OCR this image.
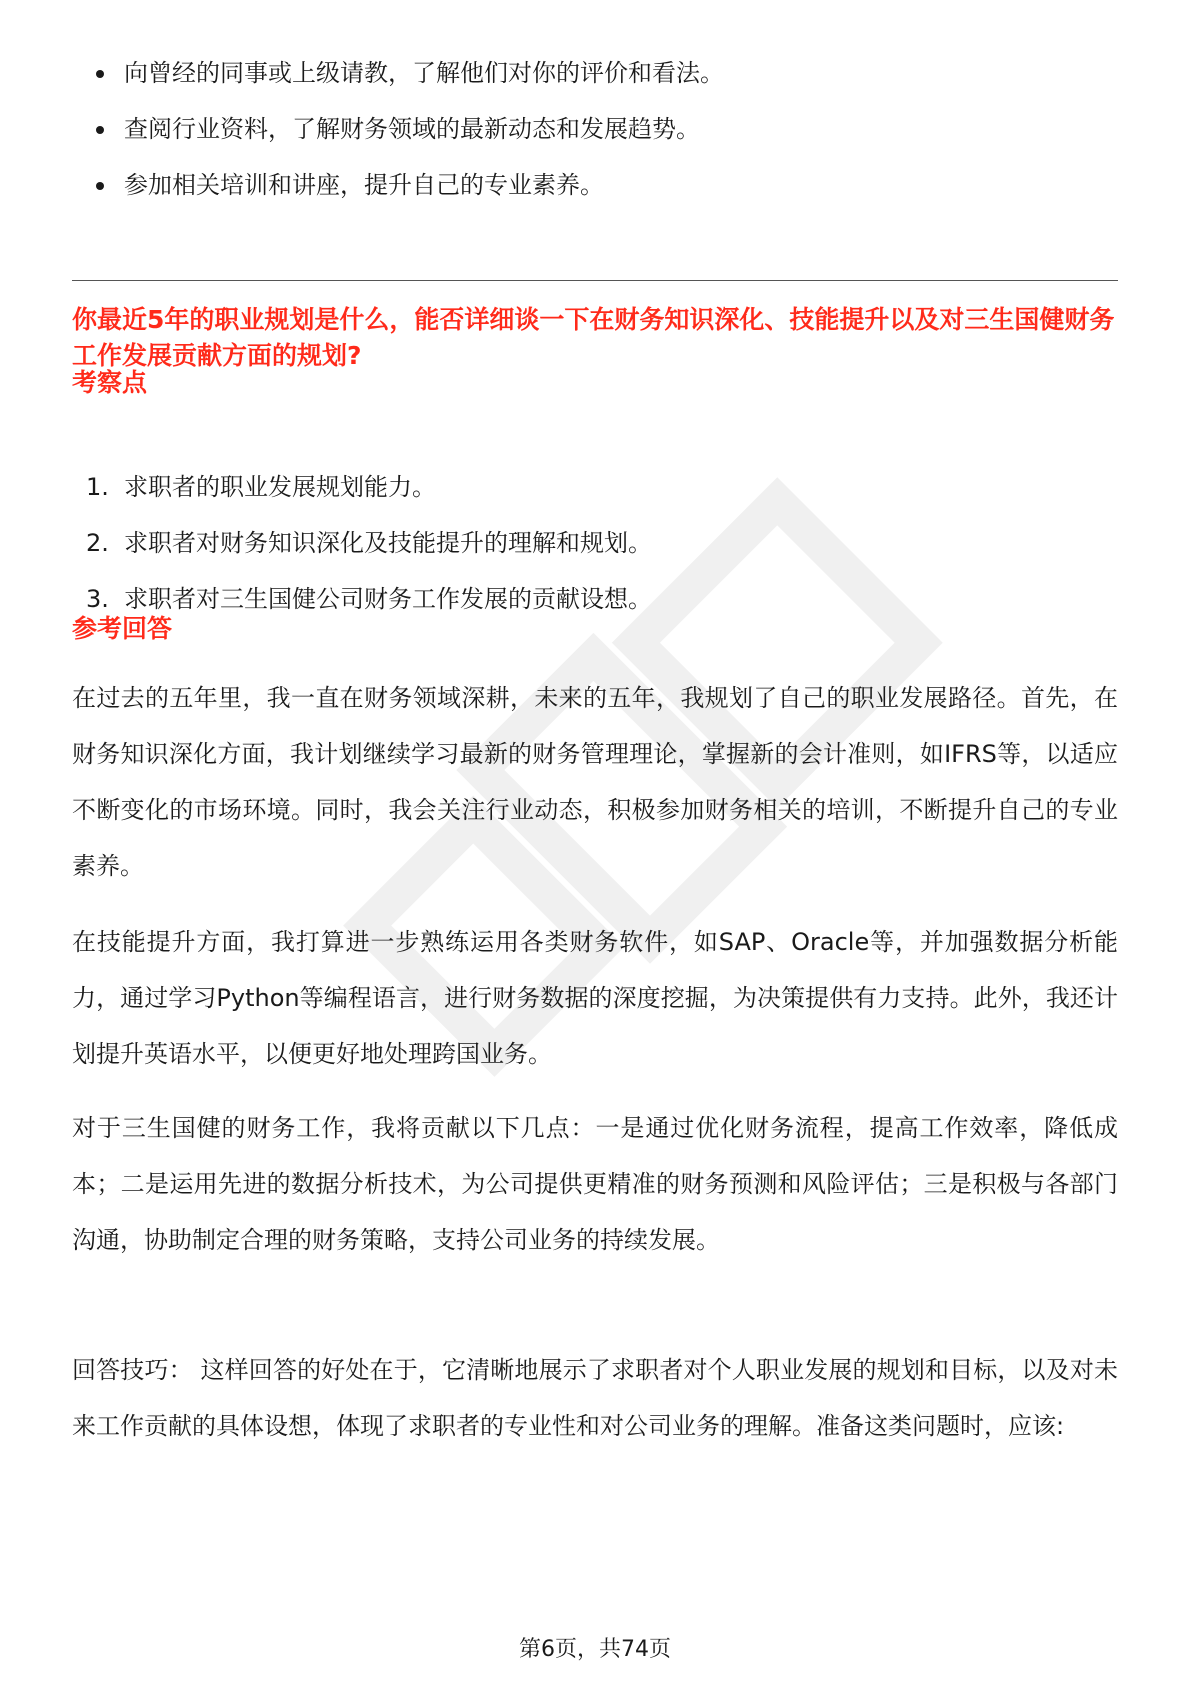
向曾经的同事或上级请教，了解他们对你的评价和看法。
查阅行业资料，了解财务领域的最新动态和发展趋势。
参加相关培训和讲座，提升自己的专业素养。
你最近5年的职业规划是什么，能否详细谈一下在财务知识深化、技能提升以及对三生国健财务工作发展贡献方面的规划?
考察点
1. 求职者的职业发展规划能力。
2. 求职者对财务知识深化及技能提升的理解和规划。
3. 求职者对三生国健公司财务工作发展的贡献设想。
参考回答

在过去的五年里，我一直在财务领域深耕，未来的五年，我规划了自己的职业发展路径。首先，在财务知识深化方面，我计划继续学习最新的财务管理理论，掌握新的会计准则，如IFRS等，以适应不断变化的市场环境。同时，我会关注行业动态，积极参加财务相关的培训，不断提升自己的专业素养。

在技能提升方面，我打算进一步熟练运用各类财务软件，如SAP、Oracle等，并加强数据分析能力，通过学习Python等编程语言，进行财务数据的深度挖掘，为决策提供有力支持。此外，我还计划提升英语水平，以便更好地处理跨国业务。

对于三生国健的财务工作，我将贡献以下几点：一是通过优化财务流程，提高工作效率，降低成本；二是运用先进的数据分析技术，为公司提供更精准的财务预测和风险评估；三是积极与各部门沟通，协助制定合理的财务策略，支持公司业务的持续发展。

回答技巧： 这样回答的好处在于，它清晰地展示了求职者对个人职业发展的规划和目标，以及对未来工作贡献的具体设想，体现了求职者的专业性和对公司业务的理解。准备这类问题时，应该:

第6页，共74页
